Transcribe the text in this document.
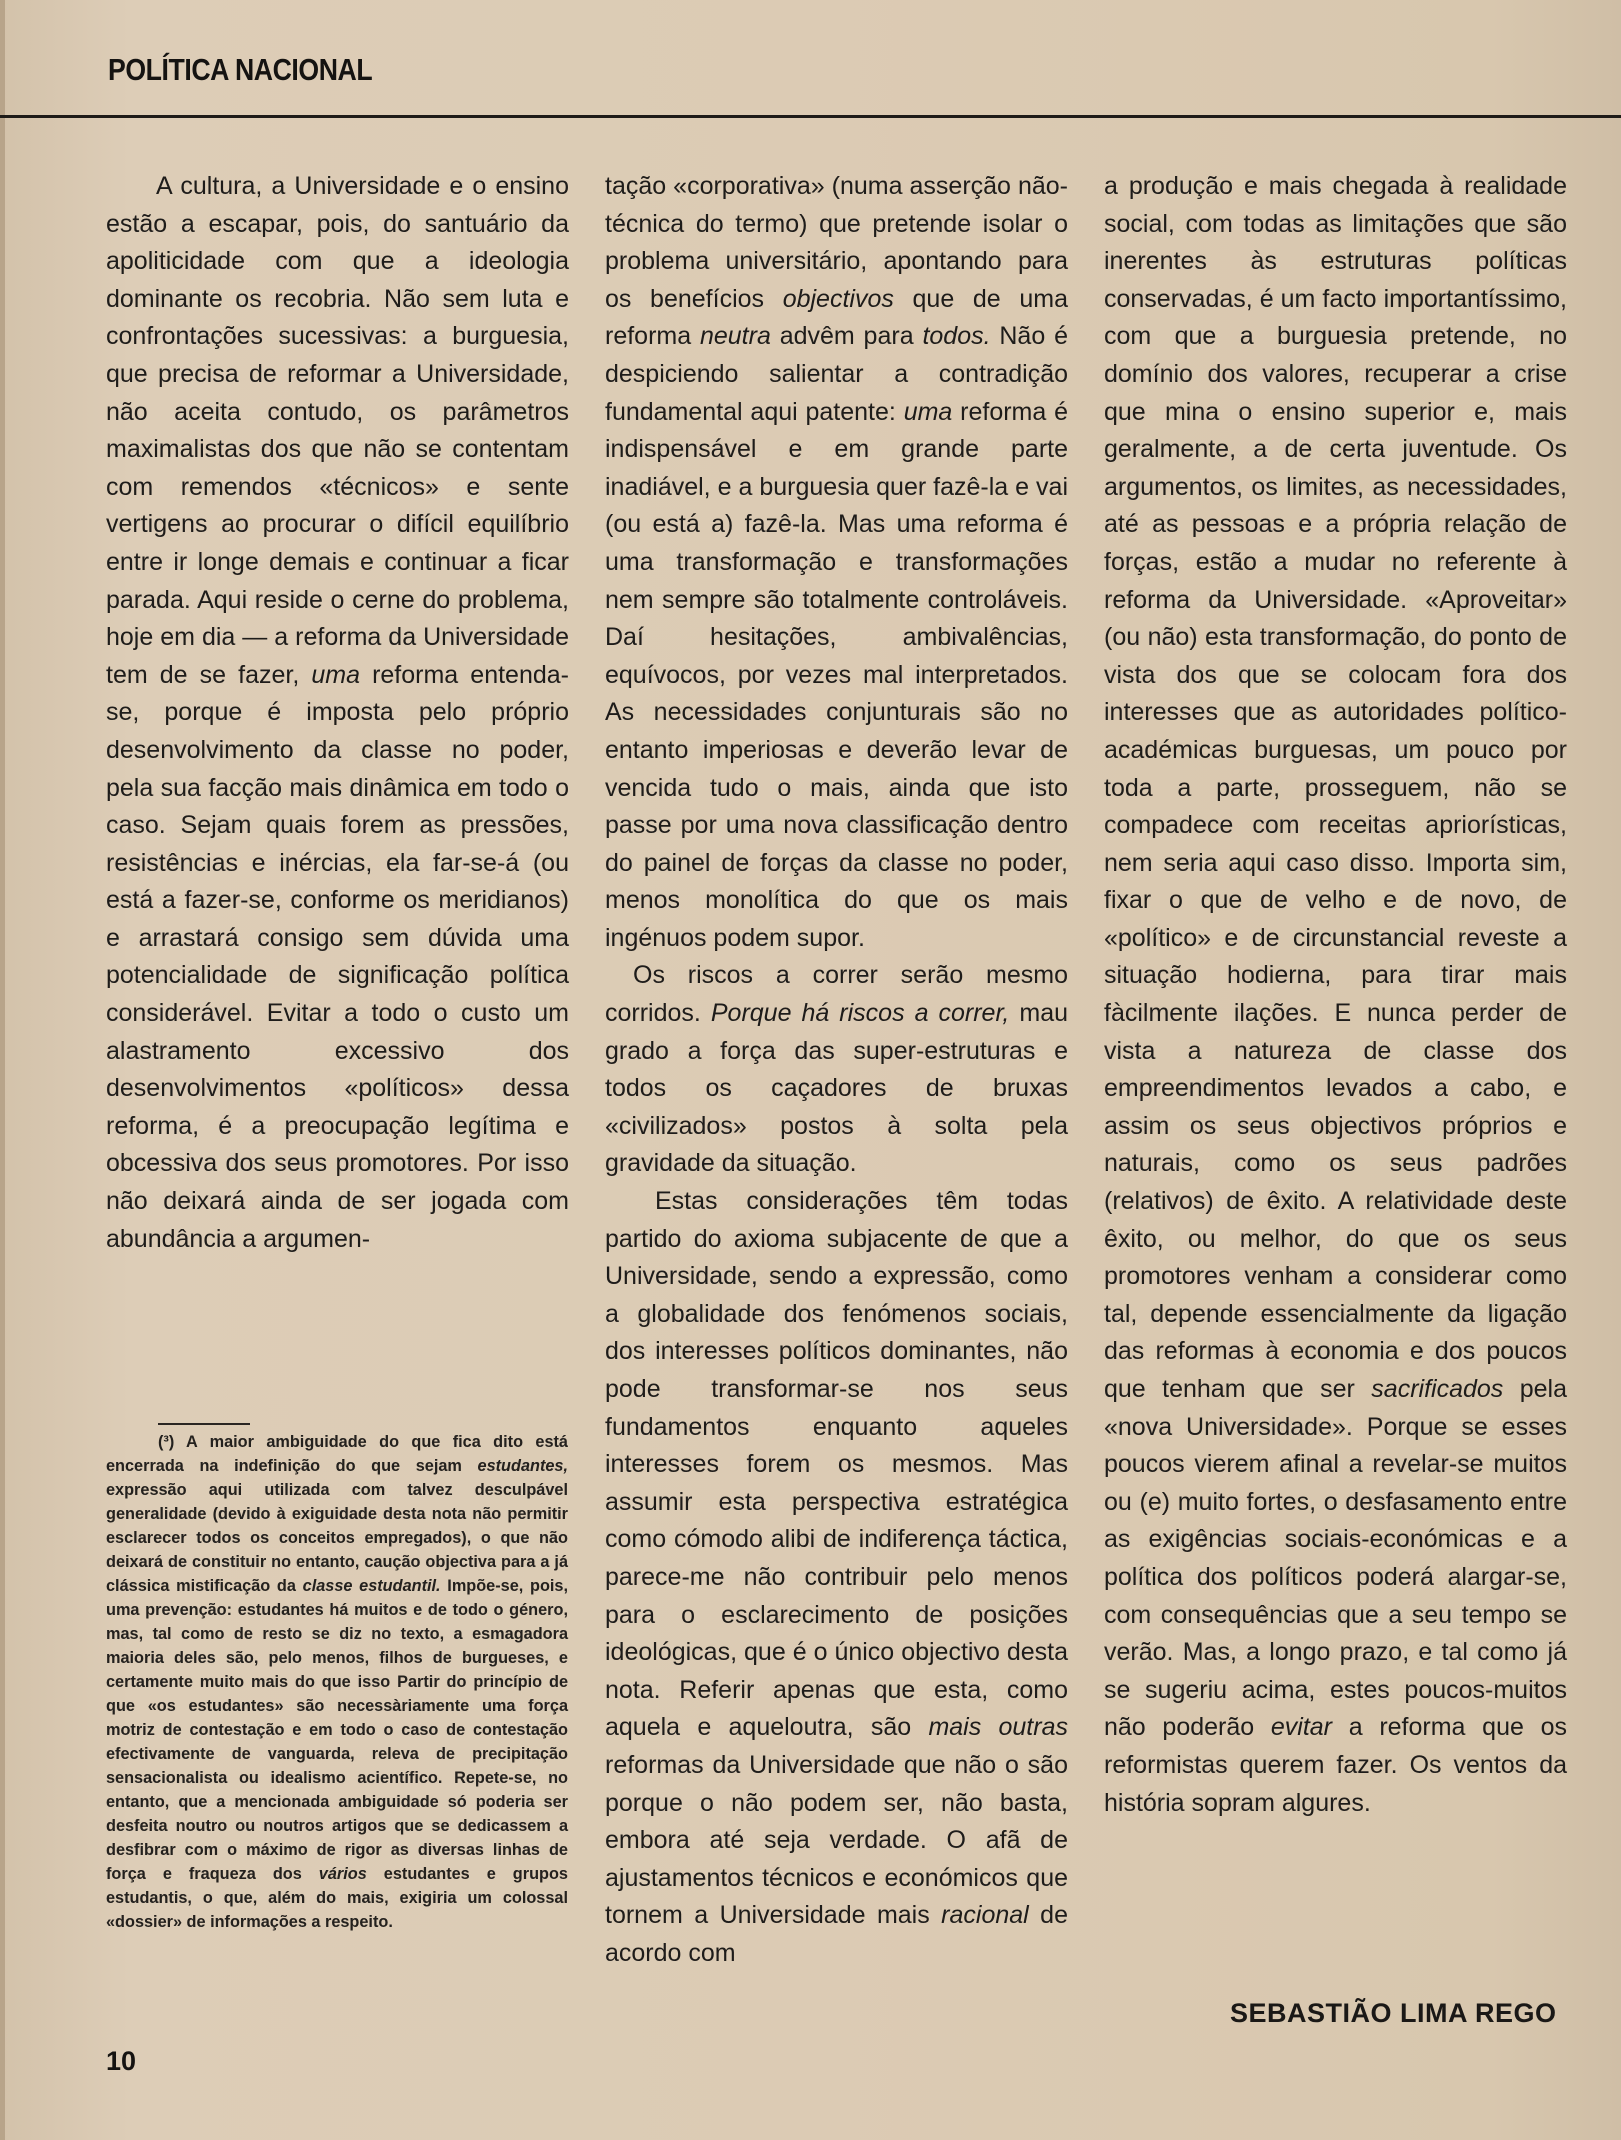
POLÍTICA NACIONAL

A cultura, a Universidade e o ensino estão a escapar, pois, do santuário da apoliticidade com que a ideologia dominante os recobria. Não sem luta e confrontações sucessivas: a burguesia, que precisa de reformar a Universidade, não aceita contudo, os parâmetros maximalistas dos que não se contentam com remendos «técnicos» e sente vertigens ao procurar o difícil equilíbrio entre ir longe demais e continuar a ficar parada. Aqui reside o cerne do problema, hoje em dia — a reforma da Universidade tem de se fazer, uma reforma entenda-se, porque é imposta pelo próprio desenvolvimento da classe no poder, pela sua facção mais dinâmica em todo o caso. Sejam quais forem as pressões, resistências e inércias, ela far-se-á (ou está a fazer-se, conforme os meridianos) e arrastará consigo sem dúvida uma potencialidade de significação política considerável. Evitar a todo o custo um alastramento excessivo dos desenvolvimentos «políticos» dessa reforma, é a preocupação legítima e obcessiva dos seus promotores. Por isso não deixará ainda de ser jogada com abundância a argumen-

tação «corporativa» (numa asserção não-técnica do termo) que pretende isolar o problema universitário, apontando para os benefícios objectivos que de uma reforma neutra advêm para todos. Não é despiciendo salientar a contradição fundamental aqui patente: uma reforma é indispensável e em grande parte inadiável, e a burguesia quer fazê-la e vai (ou está a) fazê-la. Mas uma reforma é uma transformação e transformações nem sempre são totalmente controláveis. Daí hesitações, ambivalências, equívocos, por vezes mal interpretados. As necessidades conjunturais são no entanto imperiosas e deverão levar de vencida tudo o mais, ainda que isto passe por uma nova classificação dentro do painel de forças da classe no poder, menos monolítica do que os mais ingénuos podem supor.

Os riscos a correr serão mesmo corridos. Porque há riscos a correr, mau grado a força das super-estruturas e todos os caçadores de bruxas «civilizados» postos à solta pela gravidade da situação.

Estas considerações têm todas partido do axioma subjacente de que a Universidade, sendo a expressão, como a globalidade dos fenómenos sociais, dos interesses políticos dominantes, não pode transformar-se nos seus fundamentos enquanto aqueles interesses forem os mesmos. Mas assumir esta perspectiva estratégica como cómodo alibi de indiferença táctica, parece-me não contribuir pelo menos para o esclarecimento de posições ideológicas, que é o único objectivo desta nota. Referir apenas que esta, como aquela e aqueloutra, são mais outras reformas da Universidade que não o são porque o não podem ser, não basta, embora até seja verdade. O afã de ajustamentos técnicos e económicos que tornem a Universidade mais racional de acordo com

a produção e mais chegada à realidade social, com todas as limitações que são inerentes às estruturas políticas conservadas, é um facto importantíssimo, com que a burguesia pretende, no domínio dos valores, recuperar a crise que mina o ensino superior e, mais geralmente, a de certa juventude. Os argumentos, os limites, as necessidades, até as pessoas e a própria relação de forças, estão a mudar no referente à reforma da Universidade. «Aproveitar» (ou não) esta transformação, do ponto de vista dos que se colocam fora dos interesses que as autoridades político-académicas burguesas, um pouco por toda a parte, prosseguem, não se compadece com receitas apriorísticas, nem seria aqui caso disso. Importa sim, fixar o que de velho e de novo, de «político» e de circunstancial reveste a situação hodierna, para tirar mais fàcilmente ilações. E nunca perder de vista a natureza de classe dos empreendimentos levados a cabo, e assim os seus objectivos próprios e naturais, como os seus padrões (relativos) de êxito. A relatividade deste êxito, ou melhor, do que os seus promotores venham a considerar como tal, depende essencialmente da ligação das reformas à economia e dos poucos que tenham que ser sacrificados pela «nova Universidade». Porque se esses poucos vierem afinal a revelar-se muitos ou (e) muito fortes, o desfasamento entre as exigências sociais-económicas e a política dos políticos poderá alargar-se, com consequências que a seu tempo se verão. Mas, a longo prazo, e tal como já se sugeriu acima, estes poucos-muitos não poderão evitar a reforma que os reformistas querem fazer. Os ventos da história sopram algures.

(³) A maior ambiguidade do que fica dito está encerrada na indefinição do que sejam estudantes, expressão aqui utilizada com talvez desculpável generalidade (devido à exiguidade desta nota não permitir esclarecer todos os conceitos empregados), o que não deixará de constituir no entanto, caução objectiva para a já clássica mistificação da classe estudantil. Impõe-se, pois, uma prevenção: estudantes há muitos e de todo o género, mas, tal como de resto se diz no texto, a esmagadora maioria deles são, pelo menos, filhos de burgueses, e certamente muito mais do que isso Partir do princípio de que «os estudantes» são necessàriamente uma força motriz de contestação e em todo o caso de contestação efectivamente de vanguarda, releva de precipitação sensacionalista ou idealismo acientífico. Repete-se, no entanto, que a mencionada ambiguidade só poderia ser desfeita noutro ou noutros artigos que se dedicassem a desfibrar com o máximo de rigor as diversas linhas de força e fraqueza dos vários estudantes e grupos estudantis, o que, além do mais, exigiria um colossal «dossier» de informações a respeito.
SEBASTIÃO LIMA REGO
10
